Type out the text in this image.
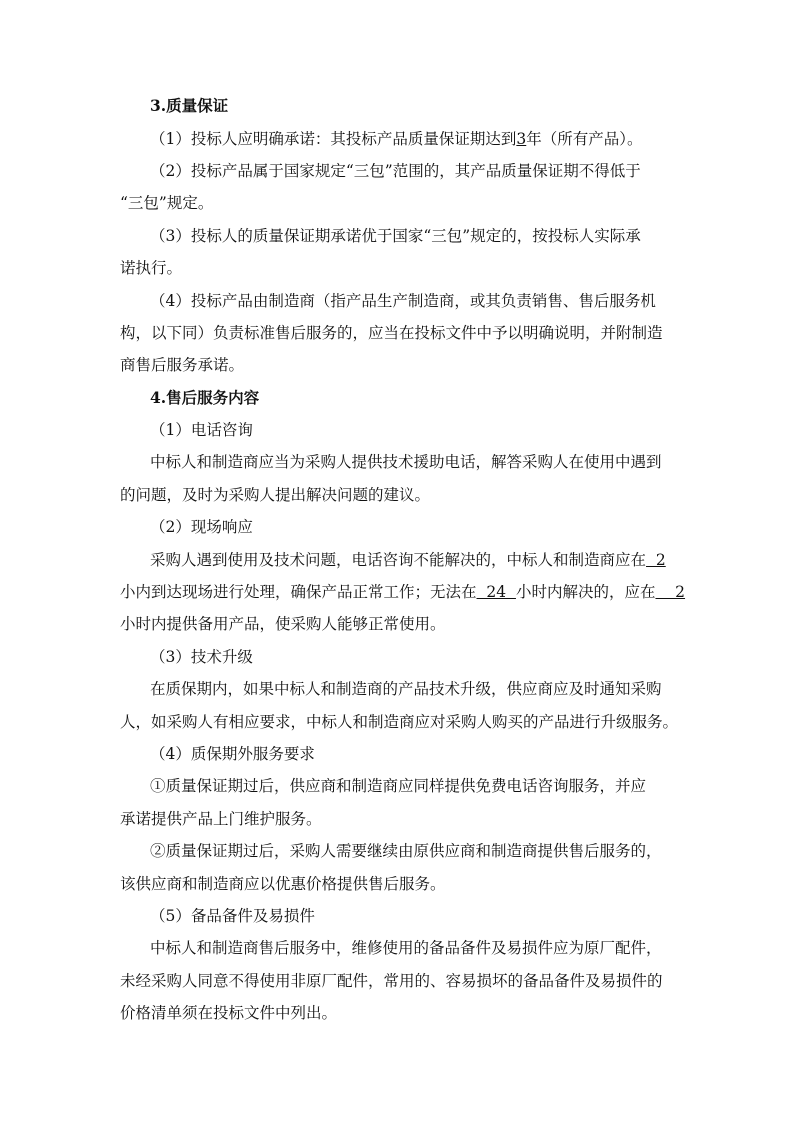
3.质量保证
（1）投标人应明确承诺：其投标产品质量保证期达到3年（所有产品）。
（2）投标产品属于国家规定“三包”范围的，其产品质量保证期不得低于
“三包”规定。
（3）投标人的质量保证期承诺优于国家“三包”规定的，按投标人实际承
诺执行。
（4）投标产品由制造商（指产品生产制造商，或其负责销售、售后服务机
构，以下同）负责标准售后服务的，应当在投标文件中予以明确说明，并附制造
商售后服务承诺。
4.售后服务内容
（1）电话咨询
中标人和制造商应当为采购人提供技术援助电话，解答采购人在使用中遇到
的问题，及时为采购人提出解决问题的建议。
（2）现场响应
采购人遇到使用及技术问题，电话咨询不能解决的，中标人和制造商应在  2
小内到达现场进行处理，确保产品正常工作；无法在  24  小时内解决的，应在    2
小时内提供备用产品，使采购人能够正常使用。
（3）技术升级
在质保期内，如果中标人和制造商的产品技术升级，供应商应及时通知采购
人，如采购人有相应要求，中标人和制造商应对采购人购买的产品进行升级服务。
（4）质保期外服务要求
①质量保证期过后，供应商和制造商应同样提供免费电话咨询服务，并应
承诺提供产品上门维护服务。
②质量保证期过后，采购人需要继续由原供应商和制造商提供售后服务的，
该供应商和制造商应以优惠价格提供售后服务。
（5）备品备件及易损件
中标人和制造商售后服务中，维修使用的备品备件及易损件应为原厂配件，
未经采购人同意不得使用非原厂配件，常用的、容易损坏的备品备件及易损件的
价格清单须在投标文件中列出。
